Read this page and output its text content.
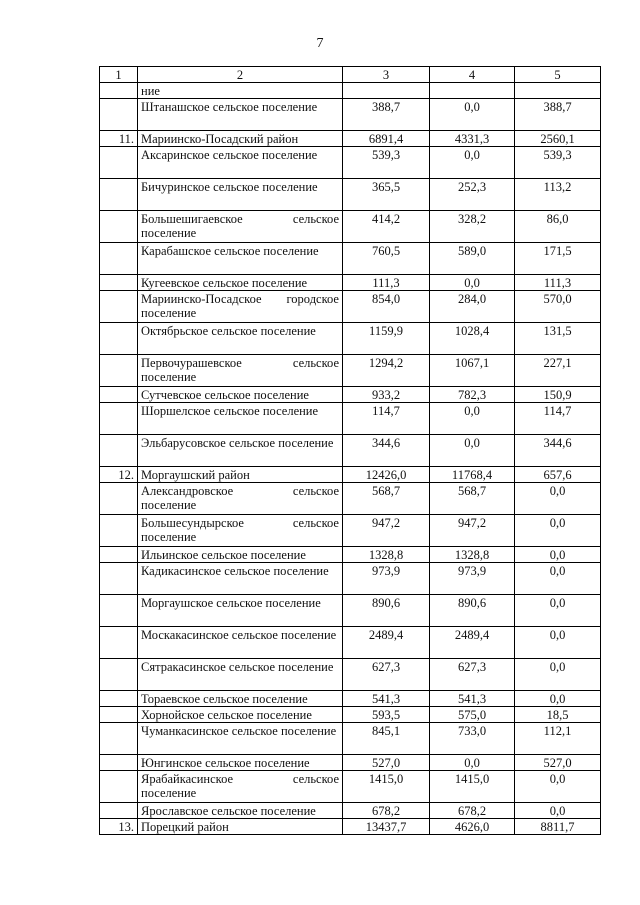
7
1	2	3	4	5
	ние			
	Штанашское сельское поселение	388,7	0,0	388,7
11.	Мариинско-Посадский район	6891,4	4331,3	2560,1
	Аксаринское сельское поселение	539,3	0,0	539,3
	Бичуринское сельское поселение	365,5	252,3	113,2
	Большешигаевское сельское поселение	414,2	328,2	86,0
	Карабашское сельское поселение	760,5	589,0	171,5
	Кугеевское сельское поселение	111,3	0,0	111,3
	Мариинско-Посадское городское поселение	854,0	284,0	570,0
	Октябрьское сельское поселение	1159,9	1028,4	131,5
	Первочурашевское сельское поселение	1294,2	1067,1	227,1
	Сутчевское сельское поселение	933,2	782,3	150,9
	Шоршелское сельское поселение	114,7	0,0	114,7
	Эльбарусовское сельское поселение	344,6	0,0	344,6
12.	Моргаушский район	12426,0	11768,4	657,6
	Александровское сельское поселение	568,7	568,7	0,0
	Большесундырское сельское поселение	947,2	947,2	0,0
	Ильинское сельское поселение	1328,8	1328,8	0,0
	Кадикасинское сельское поселение	973,9	973,9	0,0
	Моргаушское сельское поселение	890,6	890,6	0,0
	Москакасинское сельское поселение	2489,4	2489,4	0,0
	Сятракасинское сельское поселение	627,3	627,3	0,0
	Тораевское сельское поселение	541,3	541,3	0,0
	Хорнойское сельское поселение	593,5	575,0	18,5
	Чуманкасинское сельское поселение	845,1	733,0	112,1
	Юнгинское сельское поселение	527,0	0,0	527,0
	Ярабайкасинское сельское поселение	1415,0	1415,0	0,0
	Ярославское сельское поселение	678,2	678,2	0,0
13.	Порецкий район	13437,7	4626,0	8811,7
